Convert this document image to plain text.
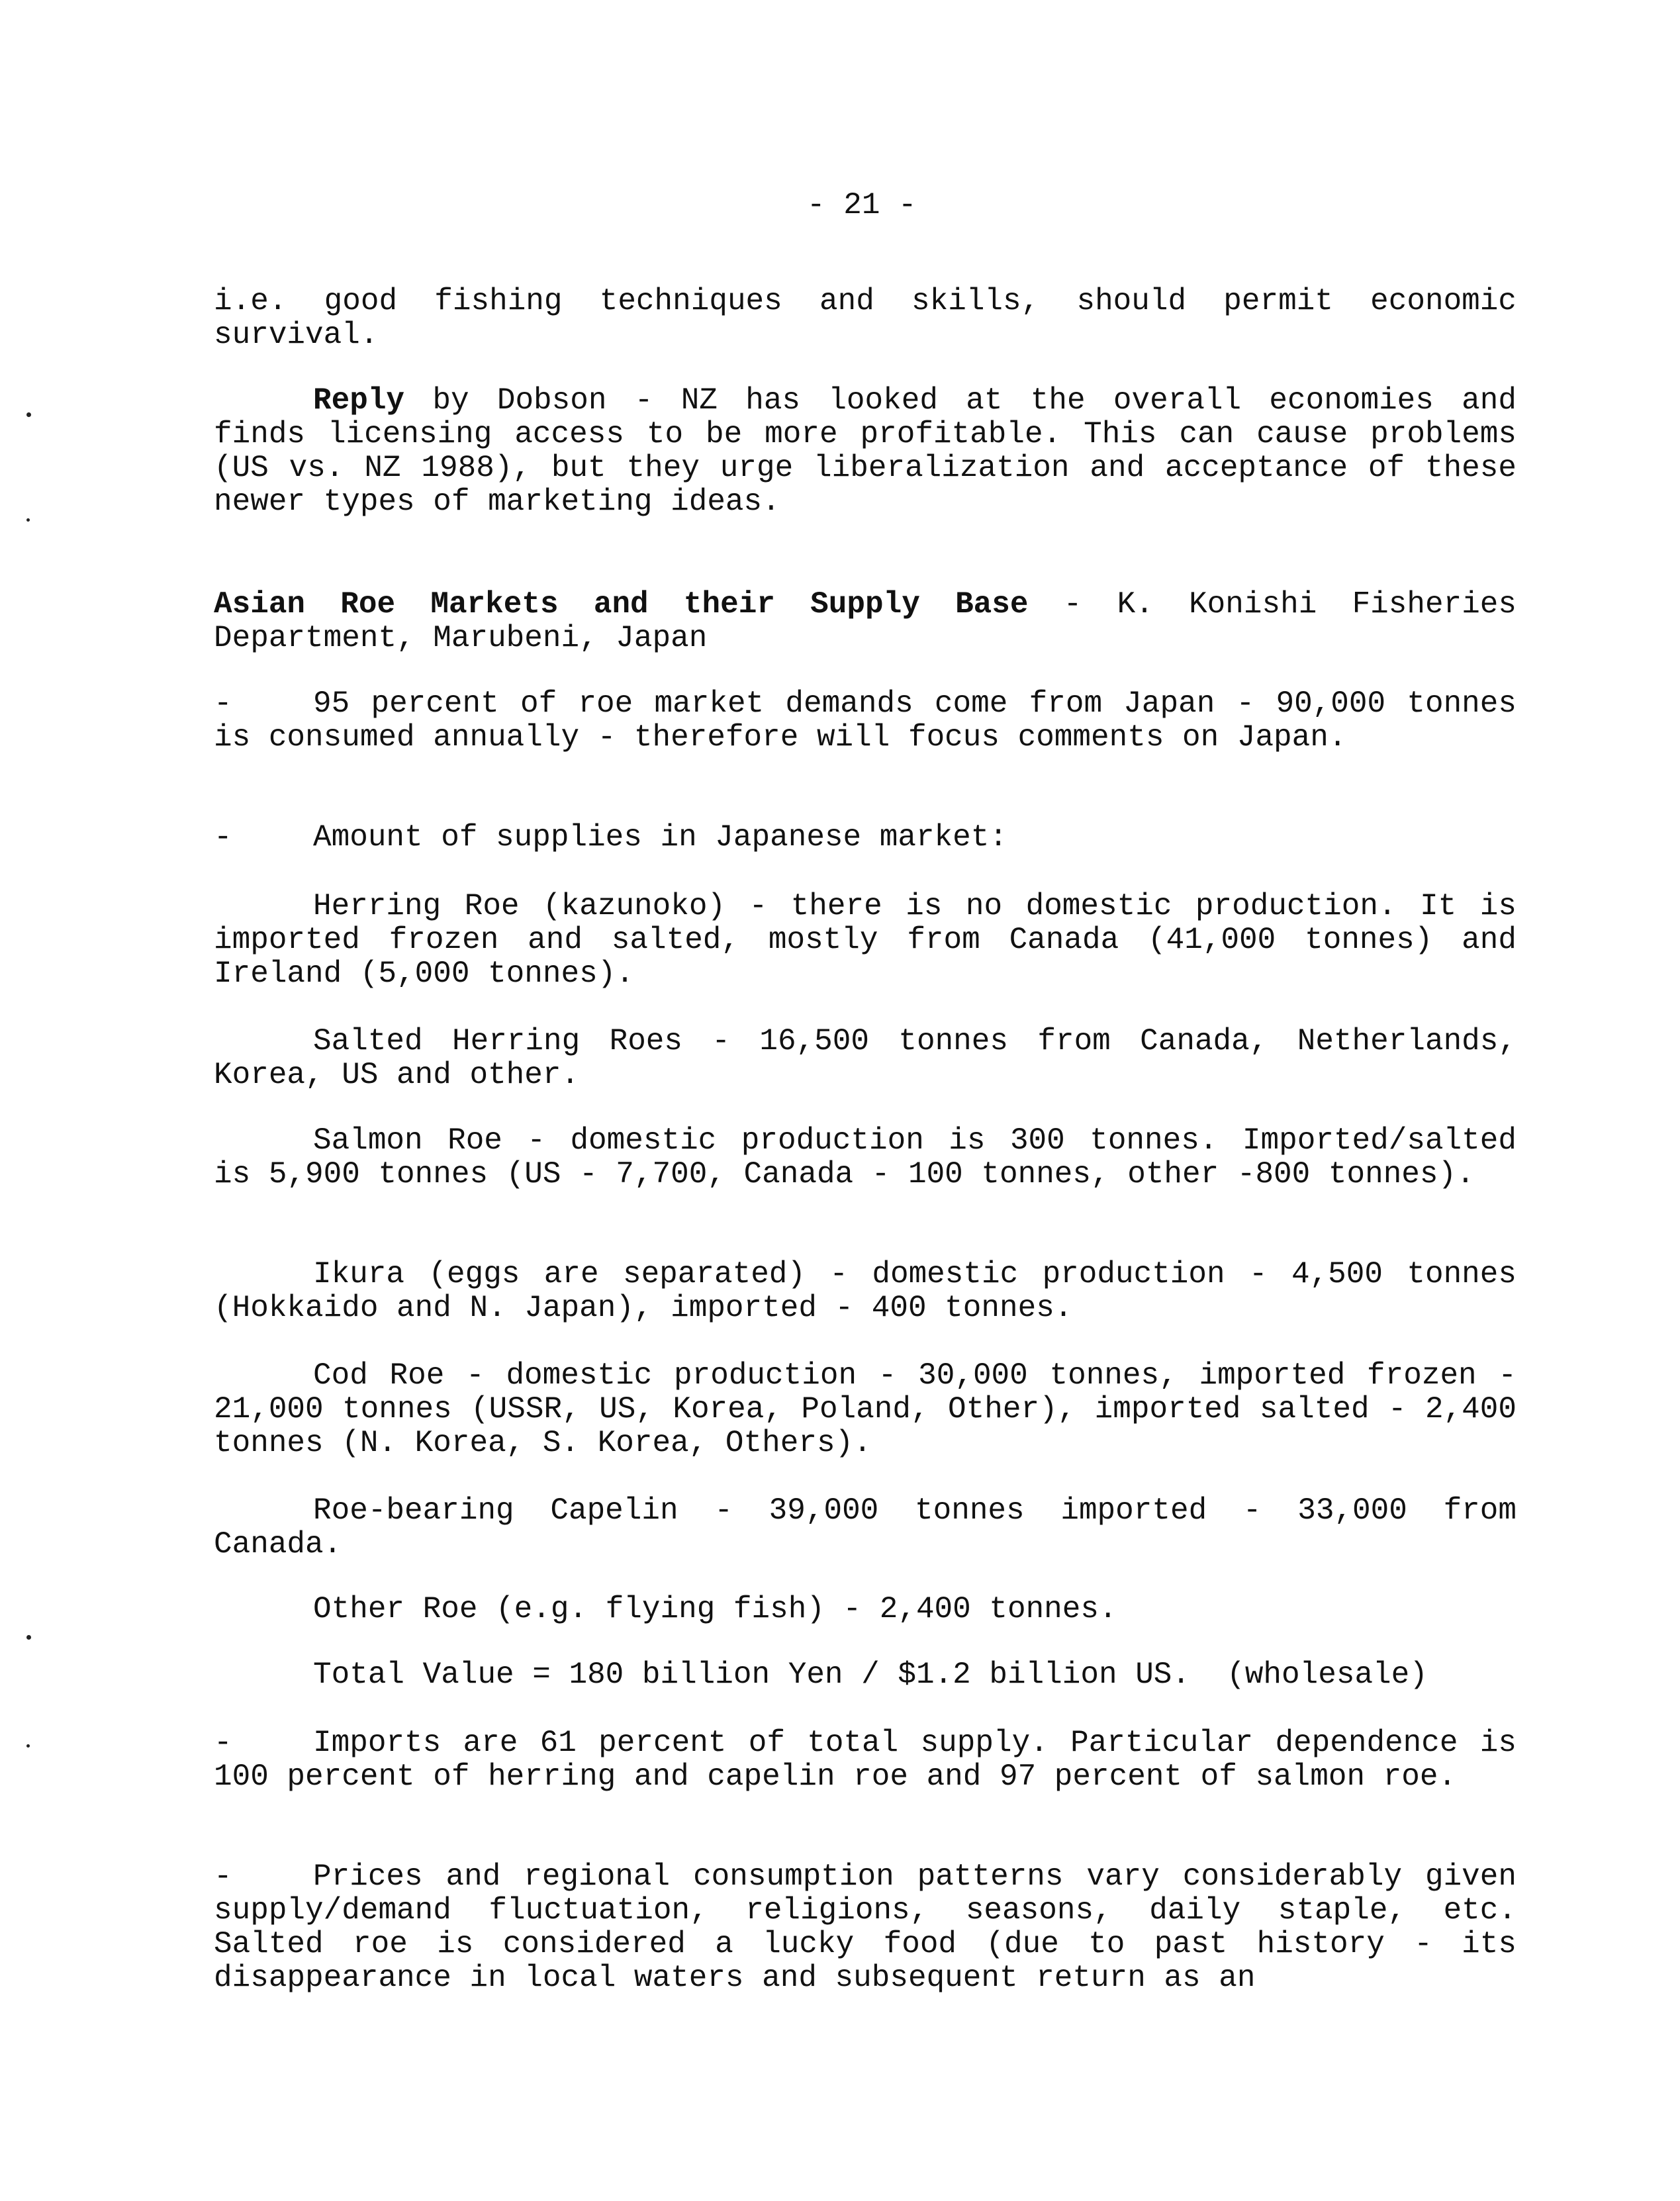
- 21 -
i.e. good fishing techniques and skills, should permit economic survival.
Reply by Dobson - NZ has looked at the overall economies and finds licensing access to be more profitable. This can cause problems (US vs. NZ 1988), but they urge liberalization and acceptance of these newer types of marketing ideas.
Asian Roe Markets and their Supply Base - K. Konishi Fisheries Department, Marubeni, Japan
-	95 percent of roe market demands come from Japan - 90,000 tonnes is consumed annually - therefore will focus comments on Japan.
-	Amount of supplies in Japanese market:
Herring Roe (kazunoko) - there is no domestic production. It is imported frozen and salted, mostly from Canada (41,000 tonnes) and Ireland (5,000 tonnes).
Salted Herring Roes - 16,500 tonnes from Canada, Netherlands, Korea, US and other.
Salmon Roe - domestic production is 300 tonnes. Imported/salted is 5,900 tonnes (US - 7,700, Canada - 100 tonnes, other -800 tonnes).
Ikura (eggs are separated) - domestic production - 4,500 tonnes (Hokkaido and N. Japan), imported - 400 tonnes.
Cod Roe - domestic production - 30,000 tonnes, imported frozen - 21,000 tonnes (USSR, US, Korea, Poland, Other), imported salted - 2,400 tonnes (N. Korea, S. Korea, Others).
Roe-bearing Capelin - 39,000 tonnes imported - 33,000 from Canada.
Other Roe (e.g. flying fish) - 2,400 tonnes.
Total Value = 180 billion Yen / $1.2 billion US.  (wholesale)
-	Imports are 61 percent of total supply. Particular dependence is 100 percent of herring and capelin roe and 97 percent of salmon roe.
-	Prices and regional consumption patterns vary considerably given supply/demand fluctuation, religions, seasons, daily staple, etc. Salted roe is considered a lucky food (due to past history - its disappearance in local waters and subsequent return as an
